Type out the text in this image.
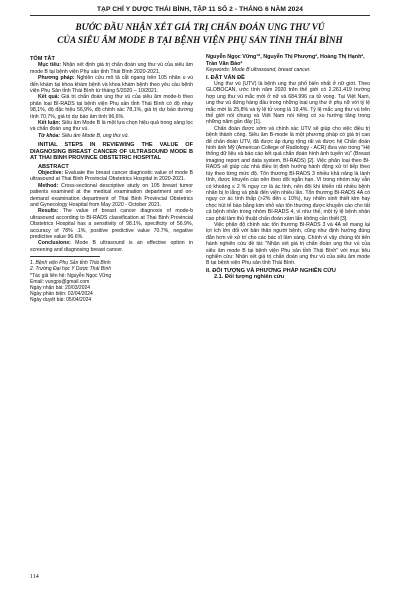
TẠP CHÍ Y DƯỢC THÁI BÌNH, TẬP 11 SỐ 2 - THÁNG 6 NĂM 2024
BƯỚC ĐẦU NHẬN XÉT GIÁ TRỊ CHẨN ĐOÁN UNG THƯ VÚ
CỦA SIÊU ÂM MODE B TẠI BỆNH VIỆN PHỤ SẢN TỈNH THÁI BÌNH
TÓM TẮT

Mục tiêu: Nhận xét định giá trị chẩn đoán ung thư vú của siêu âm mode B tại bệnh viện Phụ sản tỉnh Thái Bình 2020-2021.

Phương pháp: Nghiên cứu mô tả cắt ngang trên 105 nhân u vú đến khám tại khoa khám bệnh và khoa khám bệnh theo yêu cầu bệnh viện Phụ Sản tỉnh Thái Bình từ tháng 5/2020 – 10/2021.

Kết quả: Giá trị chẩn đoán ung thư vú của siêu âm mode-b theo phân loại BI-RADS tại bệnh viện Phụ sản tỉnh Thái Bình có độ nhạy 98,1%, độ đặc hiệu 56,9%, độ chính xác 78,1%, giá trị dự báo dương tính 70,7%, giá trị dự báo âm tính 96,6%.

Kết luận: Siêu âm Mode B là một lựa chọn hiệu quả trong sàng lọc và chẩn đoán ung thư vú.

Từ khóa: Siêu âm Mode B, ung thư vú.

INITIAL STEPS IN REVIEWING THE VALUE OF DIAGNOSING BREAST CANCER OF ULTRASOUND MODE B AT THAI BINH PROVINCE OBSTETRIC HOSPITAL
ABSTRACT

Objective: Evaluate the breast cancer diagnostic value of mode B ultrasound at Thai Binh Provincial Obstetrics Hospital in 2020-2021.

Method: Cross-sectional descriptive study on 105 breast tumor patients examined at the medical examination department and on-demand examination department of Thai Binh Provincial Obstetrics and Gynecology Hospital from May 2020 - October 2021.

Results: The value of breast cancer diagnosis of mode-b ultrasound according to BI-RADS classification at Thai Binh Provincial Obstetrics Hospital has a sensitivity of 98.1%, specificity of 56.9%, accuracy of 78% .1%, positive predictive value 70.7%, negative predictive value 96.6%.

Conclusions: Mode B ultrasound is an effective option in screening and diagnosing breast cancer.

1. Bệnh viện Phụ Sản tỉnh Thái Bình
2. Trường Đại học Y Dược Thái Bình
*Tác giả liên hệ: Nguyễn Ngọc Vững
Email: vungps@gmail.com
Ngày nhận bài: 20/03/2024
Ngày phản biện: 02/04/2024
Ngày duyệt bài: 05/04/2024
Nguyễn Ngọc Vững¹*, Nguyễn Thị Phượng², Hoàng Thị Hạnh², Trần Văn Bảo²

Keywords: Mode B ultrasound, breast cancer.

I. ĐẶT VẤN ĐỀ

Ung thư vú (UTV) là bệnh ung thư phổ biến nhất ở nữ giới. Theo GLOBOCAN, ước tính năm 2020 trên thế giới có 2.261.419 trường hợp ung thư vú mắc mới ở nữ và 684.996 ca tử vong. Tại Việt Nam, ung thư vú đứng hàng đầu trong những loại ung thư ở phụ nữ với tỷ lệ mắc mới là 25,8% và tỷ lệ tử vong là 19,4%. Tỷ lệ mắc ung thư vú trên thế giới nói chung và Việt Nam nói riêng có xu hướng tăng trong những năm gần đây [1].

Chẩn đoán được sớm và chính xác UTV sẽ giúp cho việc điều trị bệnh thành công. Siêu âm B-mode là một phương pháp có giá trị cao để chẩn đoán UTV, đã được áp dụng rộng rãi và được hệ Chẩn đoán hình ảnh Mỹ (American College of Radiology - ACR) đưa vào trong "Hệ thống dữ liệu và báo cáo kết quả chẩn đoán hình ảnh tuyến vú" (Breast imaging report and data system, BI-RADS) [2]. Việc phân loại theo BI-RADS sẽ giúp các nhà điều trị định hướng hành động xử trí tiếp theo tùy theo từng mức độ. Tổn thương BI-RADS 3 nhiều khả năng là lành tính, được khuyến cáo nên theo dõi ngắn hạn. Vì trong nhóm này vẫn có khoảng ≤ 2 % nguy cơ là ác tính, nên đôi khi khiến rất nhiều bệnh nhân bị lo lắng và phải đến viện nhiều lần. Tổn thương BI-RADS 4A có nguy cơ ác tính thấp (>2% đến ≤ 10%), tuy nhiên sinh thiết kim hay chọc hút tế bào bằng kim nhỏ vào tổn thương được khuyến cáo cho tất cả bệnh nhân trong nhóm BI-RADS 4, vì như thế, một tỷ lệ bệnh nhân cao phải làm thủ thuật chẩn đoán xâm lấn không cần thiết [3].

Việc phân độ chính xác tổn thương BI-RADS 3 và 4A sẽ mang lại lợi ích lớn đối với bản thân người bệnh, cũng như định hướng đúng đắn hơn về xử trí cho các bác sĩ lâm sàng. Chính vì vậy chúng tôi tiến hành nghiên cứu đề tài: "Nhận xét giá trị chẩn đoán ung thư vú của siêu âm mode B tại bệnh viện Phụ sản tỉnh Thái Bình" với mục tiêu nghiên cứu: Nhận xét giá trị chẩn đoán ung thư vú của siêu âm mode B tại bệnh viện Phụ sản tỉnh Thái Bình.

II. ĐỐI TƯỢNG VÀ PHƯƠNG PHÁP NGHIÊN CỨU
2.1. Đối tượng nghiên cứu
114
